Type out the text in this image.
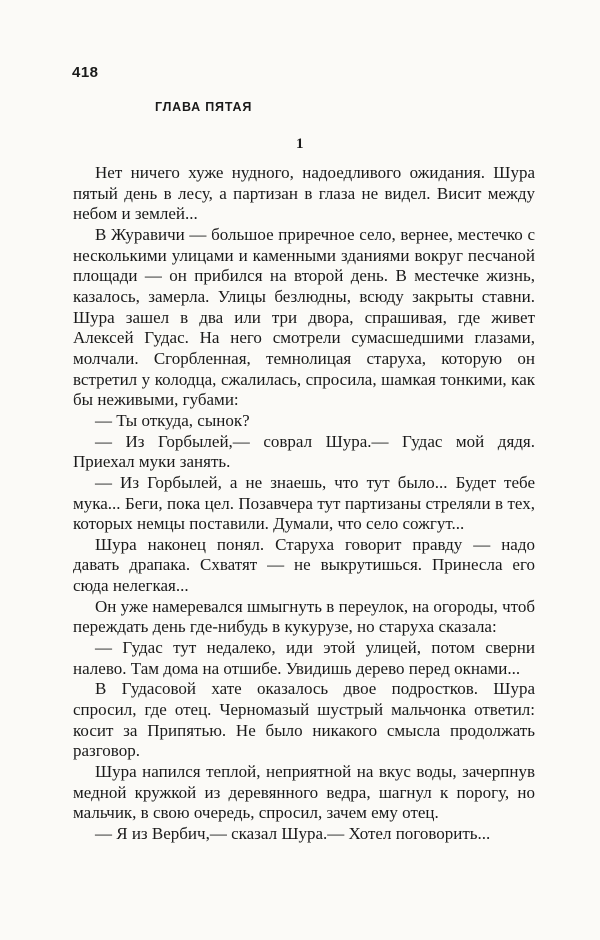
418
ГЛАВА ПЯТАЯ
1

Нет ничего хуже нудного, надоедливого ожидания. Шура пятый день в лесу, а партизан в глаза не видел. Висит между небом и землей...

В Журавичи — большое приречное село, вернее, местечко с несколькими улицами и каменными зданиями вокруг песчаной площади — он прибился на второй день. В местечке жизнь, казалось, замерла. Улицы безлюдны, всюду закрыты ставни. Шура зашел в два или три двора, спрашивая, где живет Алексей Гудас. На него смотрели сумасшедшими глазами, молчали. Сгорбленная, темнолицая старуха, которую он встретил у колодца, сжалилась, спросила, шамкая тонкими, как бы неживыми, губами:

— Ты откуда, сынок?

— Из Горбылей,— соврал Шура.— Гудас мой дядя. Приехал муки занять.

— Из Горбылей, а не знаешь, что тут было... Будет тебе мука... Беги, пока цел. Позавчера тут партизаны стреляли в тех, которых немцы поставили. Думали, что село сожгут...

Шура наконец понял. Старуха говорит правду — надо давать драпака. Схватят — не выкрутишься. Принесла его сюда нелегкая...

Он уже намеревался шмыгнуть в переулок, на огороды, чтоб переждать день где-нибудь в кукурузе, но старуха сказала:

— Гудас тут недалеко, иди этой улицей, потом сверни налево. Там дома на отшибе. Увидишь дерево перед окнами...

В Гудасовой хате оказалось двое подростков. Шура спросил, где отец. Черномазый шустрый мальчонка ответил: косит за Припятью. Не было никакого смысла продолжать разговор.

Шура напился теплой, неприятной на вкус воды, зачерпнув медной кружкой из деревянного ведра, шагнул к порогу, но мальчик, в свою очередь, спросил, зачем ему отец.

— Я из Вербич,— сказал Шура.— Хотел поговорить...
